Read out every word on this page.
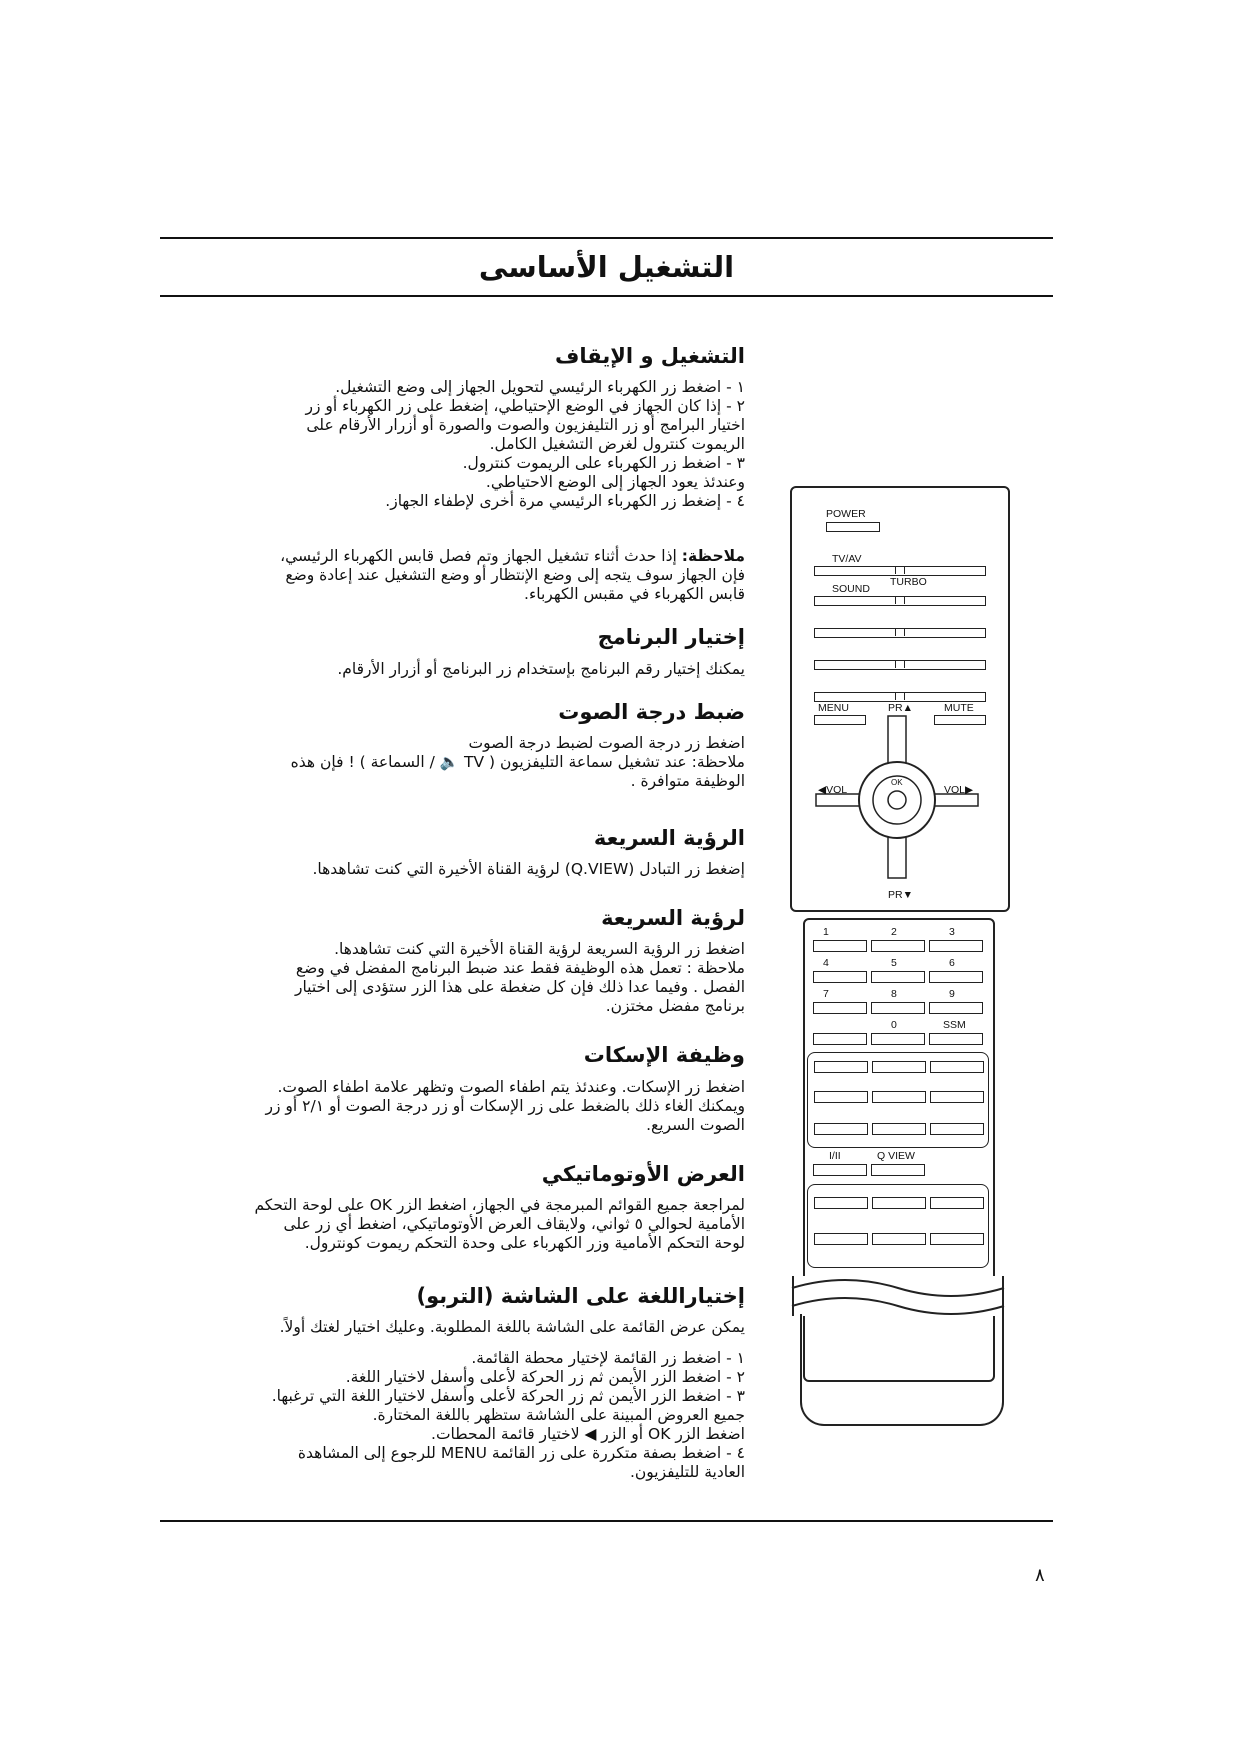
التشغيل الأساسى
التشغيل و الإيقاف

١ - اضغط زر الكهرباء الرئيسي لتحويل الجهاز إلى وضع التشغيل.

٢ - إذا كان الجهاز في الوضع الإحتياطي، إضغط على زر الكهرباء أو زر

اختيار البرامج أو زر التليفزيون والصوت والصورة أو أزرار الأرقام على

الريموت كنترول لغرض التشغيل الكامل.

٣ - اضغط زر الكهرباء على الريموت كنترول.

وعندئذ يعود الجهاز إلى الوضع الاحتياطي.

٤ - إضغط زر الكهرباء الرئيسي مرة أخرى لإطفاء الجهاز.

ملاحظة: إذا حدث أثناء تشغيل الجهاز وتم فصل قابس الكهرباء الرئيسي،

فإن الجهاز سوف يتجه إلى وضع الإنتظار أو وضع التشغيل عند إعادة وضع

قابس الكهرباء في مقبس الكهرباء.

إختيار البرنامج

يمكنك إختيار رقم البرنامج بإستخدام زر البرنامج أو أزرار الأرقام.

ضبط درجة الصوت

اضغط زر درجة الصوت لضبط درجة الصوت

ملاحظة: عند تشغيل سماعة التليفزيون ( TV 🔈 / السماعة ) ! فإن هذه

الوظيفة متوافرة .

الرؤية السريعة

إضغط زر التبادل (Q.VIEW) لرؤية القناة الأخيرة التي كنت تشاهدها.

لرؤية السريعة

اضغط زر الرؤية السريعة لرؤية القناة الأخيرة التي كنت تشاهدها.

ملاحظة : تعمل هذه الوظيفة فقط عند ضبط البرنامج المفضل في وضع

الفصل . وفيما عدا ذلك فإن كل ضغطة على هذا الزر ستؤدى إلى اختيار

برنامج مفضل مختزن.

وظيفة الإسكات

اضغط زر الإسكات. وعندئذ يتم اطفاء الصوت وتظهر علامة اطفاء الصوت.

ويمكنك الغاء ذلك بالضغط على زر الإسكات أو زر درجة الصوت أو ٢/١ أو زر

الصوت السريع.

العرض الأوتوماتيكي

لمراجعة جميع القوائم المبرمجة في الجهاز، اضغط الزر OK على لوحة التحكم

الأمامية لحوالي ٥ ثواني، ولايقاف العرض الأوتوماتيكي، اضغط أي زر على

لوحة التحكم الأمامية وزر الكهرباء على وحدة التحكم ريموت كونترول.

إختياراللغة على الشاشة (التربو)

يمكن عرض القائمة على الشاشة باللغة المطلوبة. وعليك اختيار لغتك أولاً.

١ - اضغط زر القائمة لإختيار محطة القائمة.

٢ - اضغط الزر الأيمن ثم زر الحركة لأعلى وأسفل لاختيار اللغة.

٣ - اضغط الزر الأيمن ثم زر الحركة لأعلى وأسفل لاختيار اللغة التي ترغبها.

جميع العروض المبينة على الشاشة ستظهر باللغة المختارة.

اضغط الزر OK أو الزر ◀ لاختيار قائمة المحطات.

٤ - اضغط بصفة متكررة على زر القائمة MENU للرجوع إلى المشاهدة

العادية للتليفزيون.

POWER
TV/AV
TURBO
SOUND
MENU	PR▲	MUTE
◀VOL	VOL▶
OK
PR▼
1	2	3
4	5	6
7	8	9
0	SSM
I/II	Q VIEW
٨
